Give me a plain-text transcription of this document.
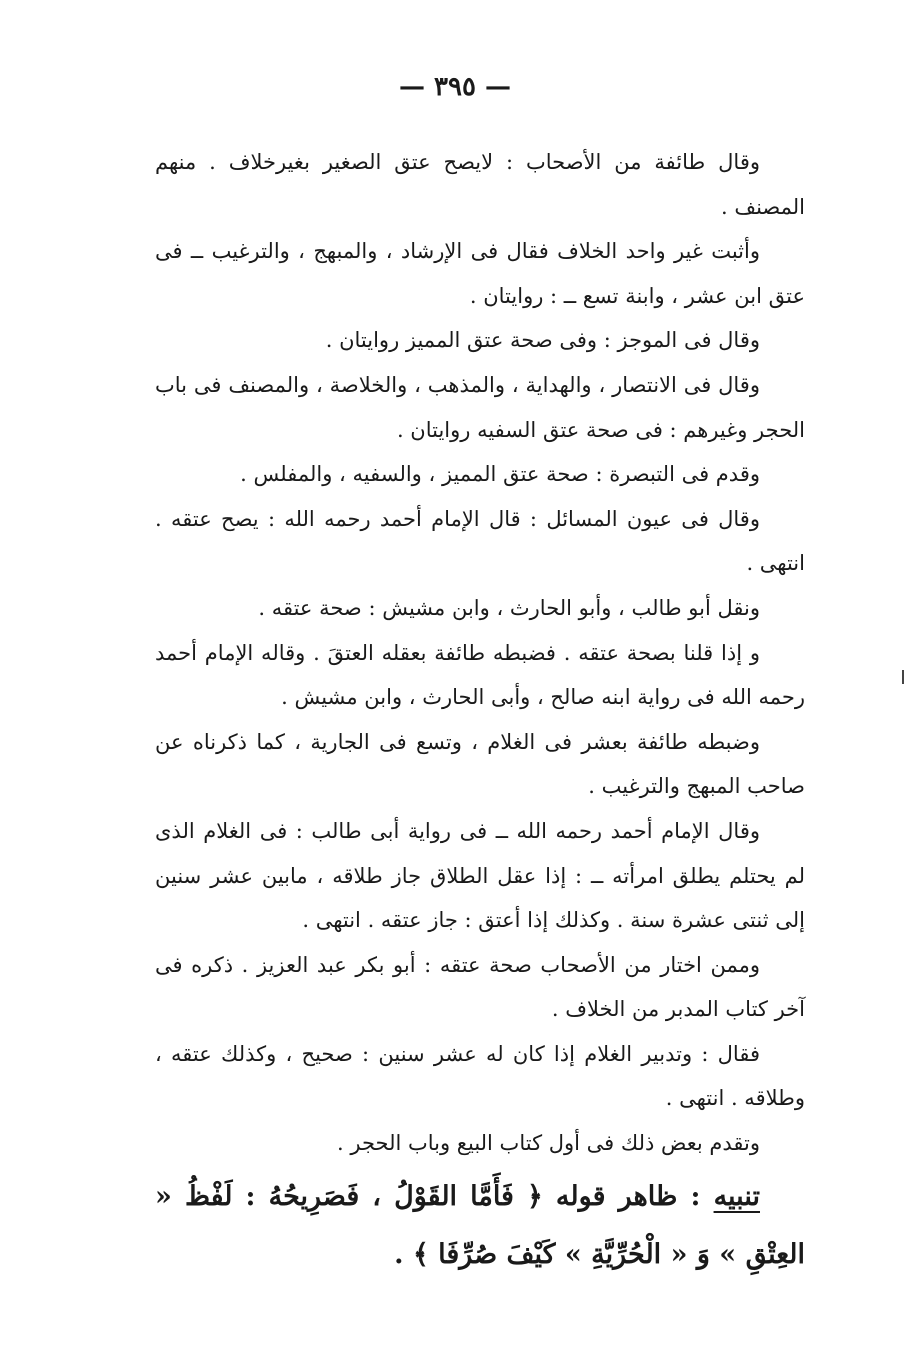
— ٣٩٥ —

وقال طائفة من الأصحاب : لايصح عتق الصغير بغيرخلاف . منهم المصنف .

وأثبت غير واحد الخلاف فقال فى الإرشاد ، والمبهج ، والترغيب ــ فى عتق ابن عشر ، وابنة تسع ــ : روايتان .

وقال فى الموجز : وفى صحة عتق المميز روايتان .

وقال فى الانتصار ، والهداية ، والمذهب ، والخلاصة ، والمصنف فى باب الحجر وغيرهم : فى صحة عتق السفيه روايتان .

وقدم فى التبصرة : صحة عتق المميز ، والسفيه ، والمفلس .

وقال فى عيون المسائل : قال الإمام أحمد رحمه الله : يصح عتقه . انتهى .

ونقل أبو طالب ، وأبو الحارث ، وابن مشيش : صحة عتقه .

و إذا قلنا بصحة عتقه . فضبطه طائفة بعقله العتقَ . وقاله الإمام أحمد رحمه الله فى رواية ابنه صالح ، وأبى الحارث ، وابن مشيش .

وضبطه طائفة بعشر فى الغلام ، وتسع فى الجارية ، كما ذكرناه عن صاحب المبهج والترغيب .

وقال الإمام أحمد رحمه الله ــ فى رواية أبى طالب : فى الغلام الذى لم يحتلم يطلق امرأته ــ : إذا عقل الطلاق جاز طلاقه ، مابين عشر سنين إلى ثنتى عشرة سنة . وكذلك إذا أعتق : جاز عتقه . انتهى .

وممن اختار من الأصحاب صحة عتقه : أبو بكر عبد العزيز . ذكره فى آخر كتاب المدبر من الخلاف .

فقال : وتدبير الغلام إذا كان له عشر سنين : صحيح ، وكذلك عتقه ، وطلاقه . انتهى .

وتقدم بعض ذلك فى أول كتاب البيع وباب الحجر .

تنبيه : ظاهر قوله ﴿ فَأَمَّا القَوْلُ ، فَصَرِيحُهُ : لَفْظُ « العِتْقِ » وَ « الْحُرِّيَّةِ » كَيْفَ صُرِّفَا ﴾ .
